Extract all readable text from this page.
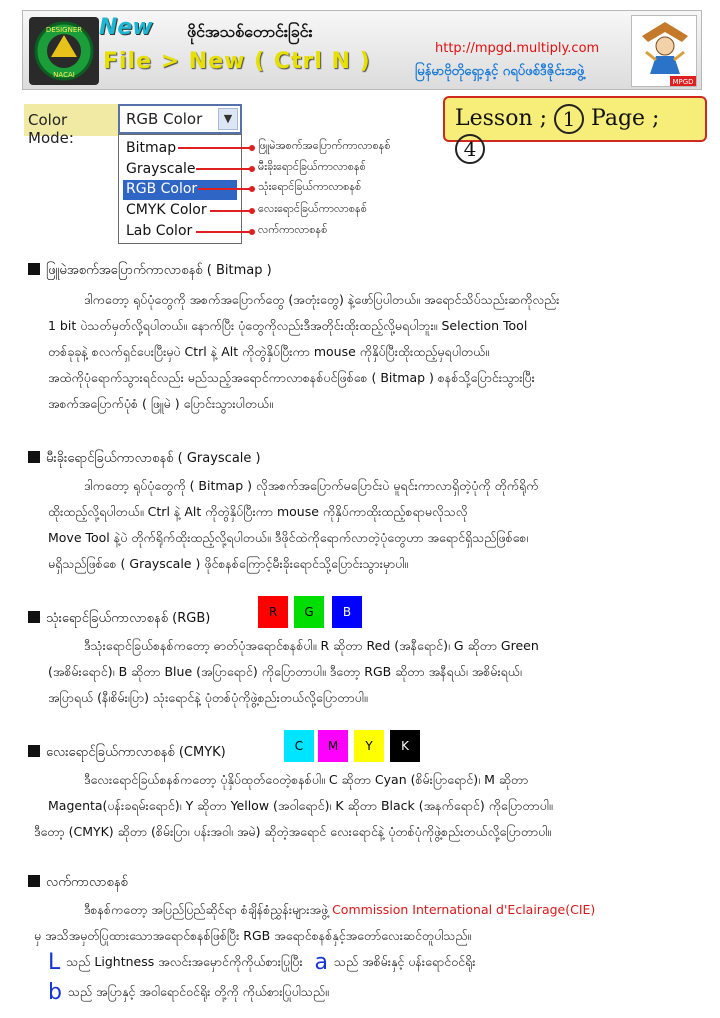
DESIGNER
NACAI
New ဖိုင်အသစ်တောင်းခြင်း
File > New ( Ctrl N )
http://mpgd.multiply.com
မြန်မာဗိုတိုရှော့နှင့် ဂရပ်ဖစ်ဒီဇိုင်းအဖွဲ့
MPGD
Color Mode:
RGB Color	▼
Bitmap
Grayscale
RGB Color
CMYK Color
Lab Color
ဖြူမဲအစက်အပြောက်ကာလာစနစ်
မီးခိုးရောင်ခြယ်ကာလာစနစ်
သုံးရောင်ခြယ်ကာလာစနစ်
လေးရောင်ခြယ်ကာလာစနစ်
လက်ကာလာစနစ်
Lesson ; 1 Page ; 4
ဖြူမဲအစက်အပြောက်ကာလာစနစ် ( Bitmap )
ဒါကတော့ ရုပ်ပုံတွေကို အစက်အပြောက်တွေ (အတုံးတွေ) နဲ့ဖော်ပြပါတယ်။ အရောင်သိပ်သည်းဆကိုလည်း
1 bit ပဲသတ်မှတ်လို့ရပါတယ်။ နောက်ပြီး ပုံတွေကိုလည်းဒီအတိုင်းထိုးထည့်လို့မရပါဘူး။ Selection Tool
တစ်ခုခုနဲ့ စလက်ရှင်ပေးပြီးမှပဲ Ctrl နဲ့ Alt ကိုတွဲနှိပ်ပြီးကာ mouse ကိုနှိပ်ပြီးထိုးထည့်မှရပါတယ်။
အထဲကိုပုံရောက်သွားရင်လည်း မည်သည့်အရောင်ကာလာစနစ်ပင်ဖြစ်စေ ( Bitmap ) စနစ်သို့ပြောင်းသွားပြီး
အစက်အပြောက်ပုံစံ ( ဖြူမဲ ) ပြောင်းသွားပါတယ်။
မီးခိုးရောင်ခြယ်ကာလာစနစ် ( Grayscale )
ဒါကတော့ ရုပ်ပုံတွေကို ( Bitmap ) လိုအစက်အပြောက်မပြောင်းပဲ မူရင်းကာလာရှိတဲ့ပုံကို တိုက်ရိုက်
ထိုးထည့်လို့ရပါတယ်။ Ctrl နဲ့ Alt ကိုတွဲနှိပ်ပြီးကာ mouse ကိုနှိပ်ကာထိုးထည့်စရာမလိုသလို
Move Tool နဲ့ပဲ တိုက်ရိုက်ထိုးထည့်လို့ရပါတယ်။ ဒီဖိုင်ထဲကိုရောက်လာတဲ့ပုံတွေဟာ အရောင်ရှိသည်ဖြစ်စေ၊
မရှိသည်ဖြစ်စေ ( Grayscale ) ဖိုင်စနစ်ကြောင့်မီးခိုးရောင်သို့ပြောင်းသွားမှာပါ။
သုံးရောင်ခြယ်ကာလာစနစ် (RGB)	R	G	B
ဒီသုံးရောင်ခြယ်စနစ်ကတော့ ဓာတ်ပုံအရောင်စနစ်ပါ။ R ဆိုတာ Red (အနီရောင်)၊ G ဆိုတာ Green
(အစိမ်းရောင်)၊ B ဆိုတာ Blue (အပြာရောင်) ကိုပြောတာပါ။ ဒီတော့ RGB ဆိုတာ အနီရယ်၊ အစိမ်းရယ်၊
အပြာရယ် (နီ၊စိမ်း၊ပြာ) သုံးရောင်နဲ့ ပုံတစ်ပုံကိုဖွဲ့စည်းတယ်လို့ပြောတာပါ။
လေးရောင်ခြယ်ကာလာစနစ် (CMYK)	C	M	Y	K
ဒီလေးရောင်ခြယ်စနစ်ကတော့ ပုံနှိပ်ထုတ်ဝေတဲ့စနစ်ပါ။ C ဆိုတာ Cyan (စိမ်းပြာရောင်)၊ M ဆိုတာ
Magenta(ပန်းခရမ်းရောင်)၊ Y ဆိုတာ Yellow (အဝါရောင်)၊ K ဆိုတာ Black (အနက်ရောင်) ကိုပြောတာပါ။
ဒီတော့ (CMYK) ဆိုတာ (စိမ်းပြာ၊ ပန်းအဝါ၊ အမဲ) ဆိုတဲ့အရောင် လေးရောင်နဲ့ ပုံတစ်ပုံကိုဖွဲ့စည်းတယ်လို့ပြောတာပါ။
လက်ကာလာစနစ်
ဒီစနစ်ကတော့ အပြည်ပြည်ဆိုင်ရာ စံချိန်စံညွှန်းများအဖွဲ့ Commission International d'Eclairage(CIE)
မှ အသိအမှတ်ပြုထားသောအရောင်စနစ်ဖြစ်ပြီး RGB အရောင်စနစ်နှင့်အတော်လေးဆင်တူပါသည်။
Lသည် Lightness အလင်းအမှောင်ကိုကိုယ်စားပြုပြီး a သည် အစိမ်းနှင့် ပန်းရောင်ဝင်ရိုး
bသည် အပြာနှင့် အဝါရောင်ဝင်ရိုး တို့ကို ကိုယ်စားပြုပါသည်။
